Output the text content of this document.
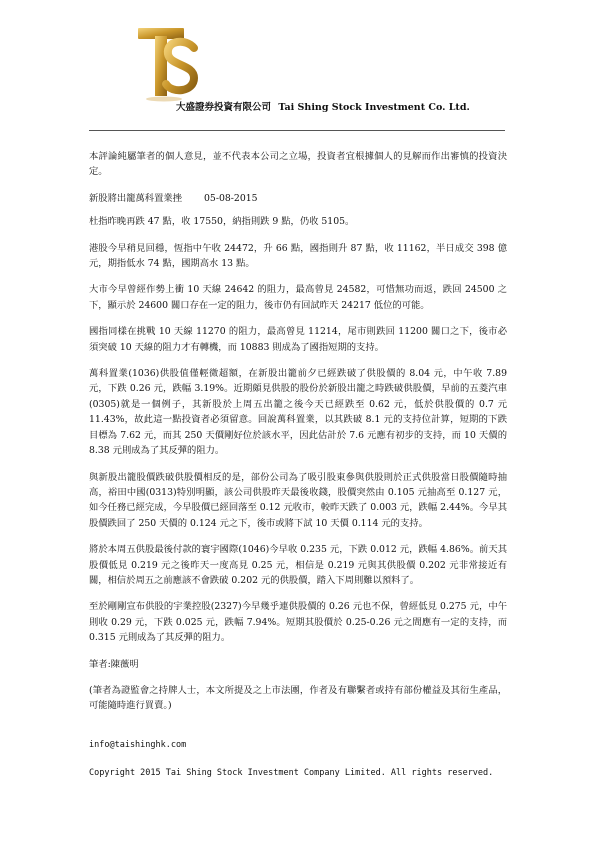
大盛證券投資有限公司 Tai Shing Stock Investment Co. Ltd.

本評論純屬筆者的個人意見，並不代表本公司之立場，投資者宜根據個人的見解而作出審慎的投資決定。

新股將出籠萬科置業挫 05-08-2015

杜指昨晚再跌 47 點，收 17550，納指則跌 9 點，仍收 5105。

港股今早稍見回穩，恆指中午收 24472，升 66 點，國指則升 87 點，收 11162，半日成交 398 億元，期指低水 74 點，國期高水 13 點。

大市今早曾經作勢上衝 10 天線 24642 的阻力，最高曾見 24582，可惜無功而返，跌回 24500 之下，顯示於 24600 關口存在一定的阻力，後市仍有回試昨天 24217 低位的可能。

國指同樣在挑戰 10 天線 11270 的阻力，最高曾見 11214，尾市則跌回 11200 關口之下，後市必須突破 10 天線的阻力才有轉機，而 10883 則成為了國指短期的支持。

萬科置業(1036)供股值僅輕微超額，在新股出籠前夕已經跌破了供股價的 8.04 元，中午收 7.89 元，下跌 0.26 元，跌幅 3.19%。近期頗見供股的股份於新股出籠之時跌破供股價，早前的五菱汽車(0305)就是一個例子，其新股於上周五出籠之後今天已經跌至 0.62 元，低於供股價的 0.7 元 11.43%，故此這一點投資者必須留意。回說萬科置業，以其跌破 8.1 元的支持位計算，短期的下跌目標為 7.62 元，而其 250 天價剛好位於該水平，因此估計於 7.6 元應有初步的支持，而 10 天價的 8.38 元則成為了其反彈的阻力。

與新股出籠股價跌破供股價相反的是，部份公司為了吸引股東參與供股則於正式供股當日股價隨時抽高，裕田中國(0313)特別明顯，該公司供股昨天最後收錢，股價突然由 0.105 元抽高至 0.127 元，如今任務已經完成，今早股價已經回落至 0.12 元收市，較昨天跌了 0.003 元，跌幅 2.44%。今早其股價跌回了 250 天價的 0.124 元之下，後市或將下試 10 天價 0.114 元的支持。

將於本周五供股最後付款的寰宇國際(1046)今早收 0.235 元，下跌 0.012 元，跌幅 4.86%。前天其股價低見 0.219 元之後昨天一度高見 0.25 元，相信是 0.219 元與其供股價 0.202 元非常接近有關，相信於周五之前應該不會跌破 0.202 元的供股價，踏入下周則難以預料了。

至於剛剛宣布供股的宇業控股(2327)今早幾乎連供股價的 0.26 元也不保，曾經低見 0.275 元，中午則收 0.29 元，下跌 0.025 元，跌幅 7.94%。短期其股價於 0.25-0.26 元之間應有一定的支持，而 0.315 元則成為了其反彈的阻力。

筆者:陳薇明

(筆者為證監會之持牌人士，本文所提及之上市法團，作者及有聯繫者或持有部份權益及其衍生產品，可能隨時進行買賣。)

info@taishinghk.com
Copyright 2015 Tai Shing Stock Investment Company Limited. All rights reserved.
